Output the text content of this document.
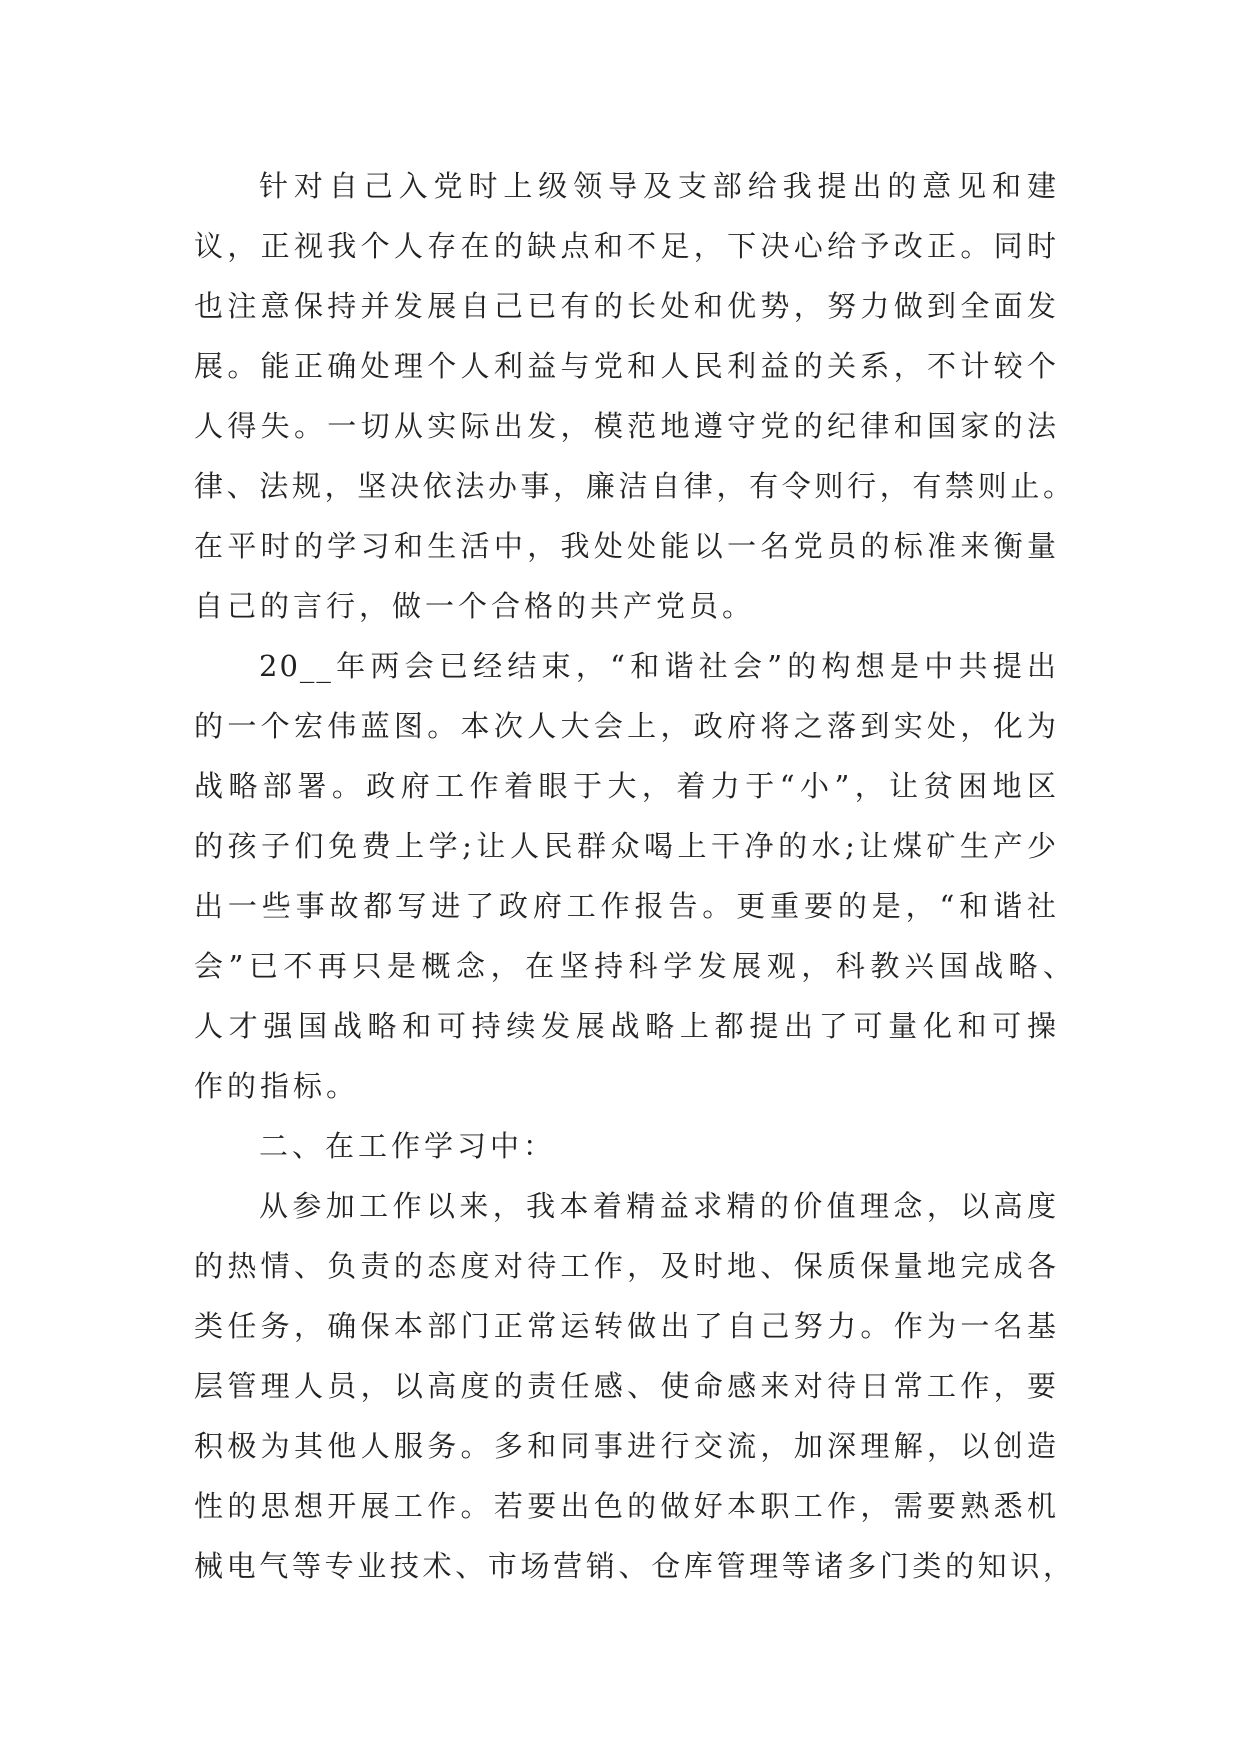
针对自己入党时上级领导及支部给我提出的意见和建
议，正视我个人存在的缺点和不足，下决心给予改正。同时
也注意保持并发展自己已有的长处和优势，努力做到全面发
展。能正确处理个人利益与党和人民利益的关系，不计较个
人得失。一切从实际出发，模范地遵守党的纪律和国家的法
律、法规，坚决依法办事，廉洁自律，有令则行，有禁则止。
在平时的学习和生活中，我处处能以一名党员的标准来衡量
自己的言行，做一个合格的共产党员。
20__年两会已经结束，“和谐社会”的构想是中共提出
的一个宏伟蓝图。本次人大会上，政府将之落到实处，化为
战略部署。政府工作着眼于大，着力于“小”，让贫困地区
的孩子们免费上学;让人民群众喝上干净的水;让煤矿生产少
出一些事故都写进了政府工作报告。更重要的是，“和谐社
会”已不再只是概念，在坚持科学发展观，科教兴国战略、
人才强国战略和可持续发展战略上都提出了可量化和可操
作的指标。
二、在工作学习中：
从参加工作以来，我本着精益求精的价值理念，以高度
的热情、负责的态度对待工作，及时地、保质保量地完成各
类任务，确保本部门正常运转做出了自己努力。作为一名基
层管理人员，以高度的责任感、使命感来对待日常工作，要
积极为其他人服务。多和同事进行交流，加深理解，以创造
性的思想开展工作。若要出色的做好本职工作，需要熟悉机
械电气等专业技术、市场营销、仓库管理等诸多门类的知识，
